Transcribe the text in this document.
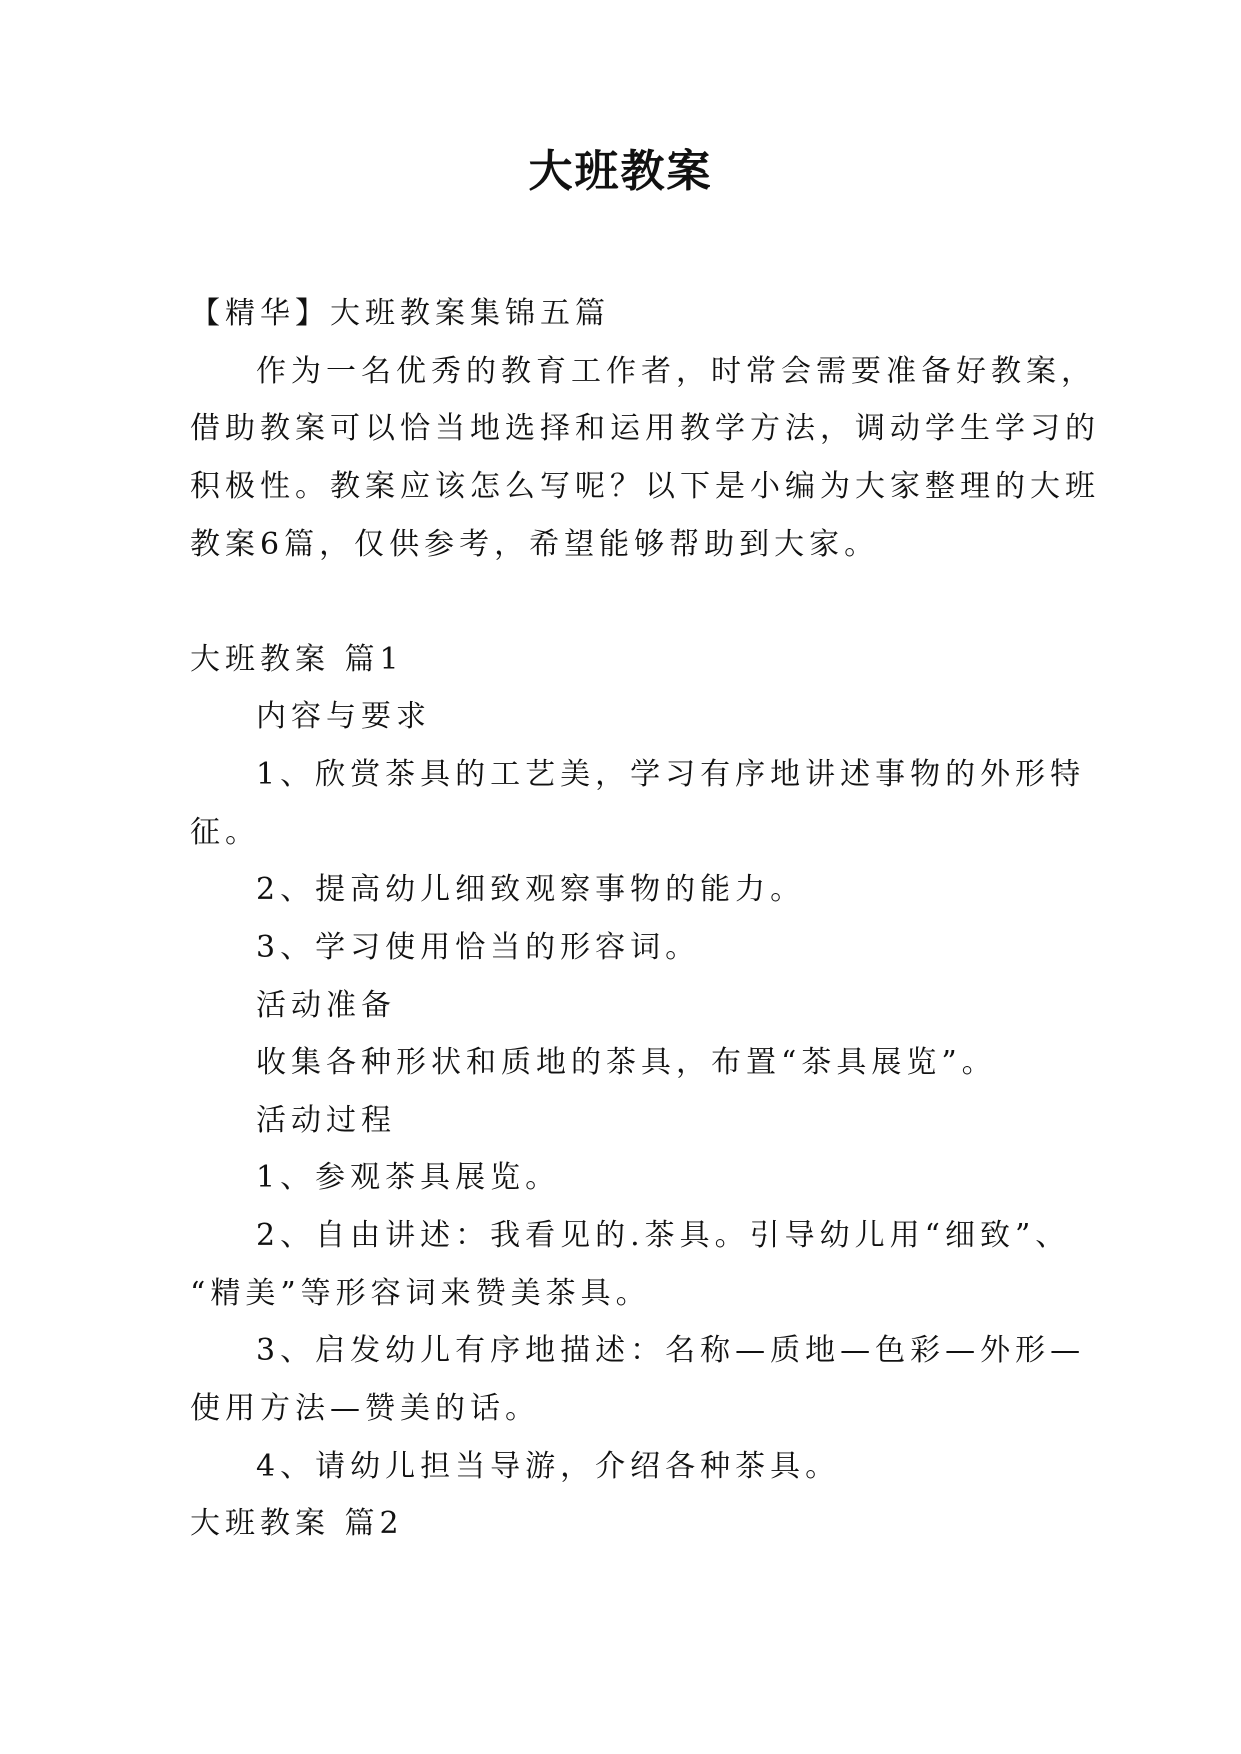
大班教案
【精华】大班教案集锦五篇
作为一名优秀的教育工作者，时常会需要准备好教案，
借助教案可以恰当地选择和运用教学方法，调动学生学习的
积极性。教案应该怎么写呢？以下是小编为大家整理的大班
教案6篇，仅供参考，希望能够帮助到大家。
大班教案 篇1
内容与要求
1、欣赏茶具的工艺美，学习有序地讲述事物的外形特
征。
2、提高幼儿细致观察事物的能力。
3、学习使用恰当的形容词。
活动准备
收集各种形状和质地的茶具，布置“茶具展览”。
活动过程
1、参观茶具展览。
2、自由讲述：我看见的.茶具。引导幼儿用“细致”、
“精美”等形容词来赞美茶具。
3、启发幼儿有序地描述：名称—质地—色彩—外形—
使用方法—赞美的话。
4、请幼儿担当导游，介绍各种茶具。
大班教案 篇2
